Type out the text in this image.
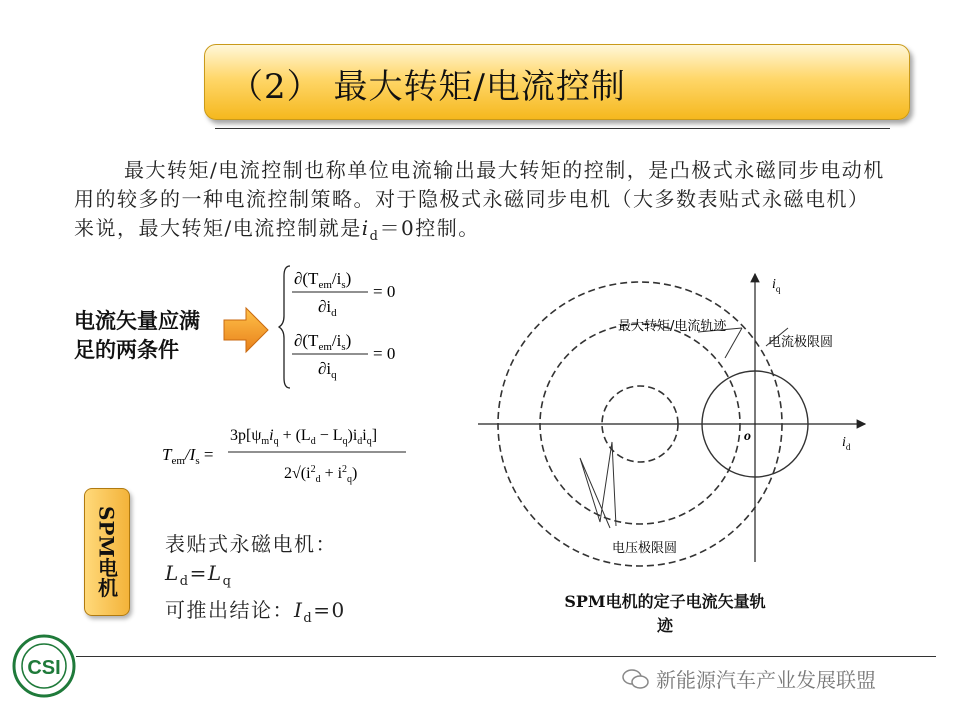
（2） 最大转矩/电流控制
最大转矩/电流控制也称单位电流输出最大转矩的控制，是凸极式永磁同步电动机用的较多的一种电流控制策略。对于隐极式永磁同步电机（大多数表贴式永磁电机）来说，最大转矩/电流控制就是$i_d=0$控制。
电流矢量应满足的两条件
$\partial(T_{em}/i_s)$
$\partial i_d$
= 0
$\partial(T_{em}/i_s)$
$\partial i_q$
= 0
$T_{em}/I_s$ =
$3p[\psi_mi_q + (L_d - L_q)i_di_q]$
$2√(i^2_d + i^2_q)$
SPM电机	表贴式永磁电机：
$L_d=L_q$
可推出结论：$I_d=0$
$i_q$
$i_d$
o
最大转矩/电流轨迹
电流极限圆
电压极限圆
SPM电机的定子电流矢量轨
迹
CSI	新能源汽车产业发展联盟
